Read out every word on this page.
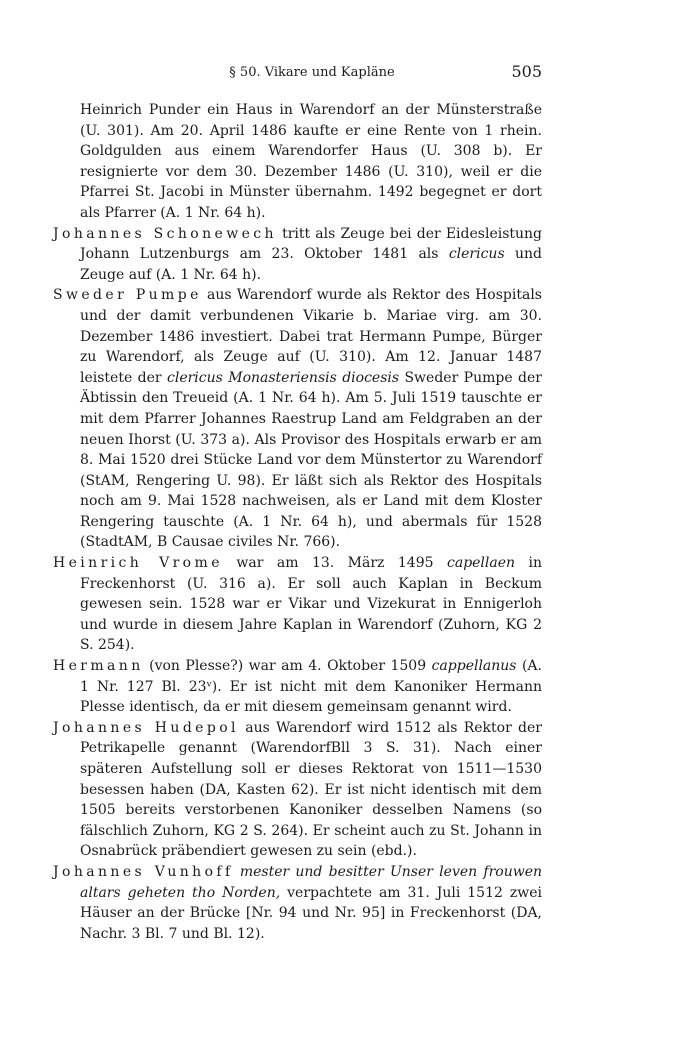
§ 50. Vikare und Kapläne	505

Heinrich Punder ein Haus in Warendorf an der Münsterstraße (U. 301). Am 20. April 1486 kaufte er eine Rente von 1 rhein. Goldgulden aus einem Warendorfer Haus (U. 308 b). Er resignierte vor dem 30. Dezember 1486 (U. 310), weil er die Pfarrei St. Jacobi in Münster übernahm. 1492 begegnet er dort als Pfarrer (A. 1 Nr. 64 h).

Johannes Schonewech tritt als Zeuge bei der Eidesleistung Johann Lutzenburgs am 23. Oktober 1481 als clericus und Zeuge auf (A. 1 Nr. 64 h).

Sweder Pumpe aus Warendorf wurde als Rektor des Hospitals und der damit verbundenen Vikarie b. Mariae virg. am 30. Dezember 1486 investiert. Dabei trat Hermann Pumpe, Bürger zu Warendorf, als Zeuge auf (U. 310). Am 12. Januar 1487 leistete der clericus Monasteriensis diocesis Sweder Pumpe der Äbtissin den Treueid (A. 1 Nr. 64 h). Am 5. Juli 1519 tauschte er mit dem Pfarrer Johannes Raestrup Land am Feldgraben an der neuen Ihorst (U. 373 a). Als Provisor des Hospitals erwarb er am 8. Mai 1520 drei Stücke Land vor dem Münstertor zu Warendorf (StAM, Rengering U. 98). Er läßt sich als Rektor des Hospitals noch am 9. Mai 1528 nachweisen, als er Land mit dem Kloster Rengering tauschte (A. 1 Nr. 64 h), und abermals für 1528 (StadtAM, B Causae civiles Nr. 766).

Heinrich Vrome war am 13. März 1495 capellaen in Freckenhorst (U. 316 a). Er soll auch Kaplan in Beckum gewesen sein. 1528 war er Vikar und Vizekurat in Ennigerloh und wurde in diesem Jahre Kaplan in Warendorf (Zuhorn, KG 2 S. 254).

Hermann (von Plesse?) war am 4. Oktober 1509 cappellanus (A. 1 Nr. 127 Bl. 23ᵛ). Er ist nicht mit dem Kanoniker Hermann Plesse identisch, da er mit diesem gemeinsam genannt wird.

Johannes Hudepol aus Warendorf wird 1512 als Rektor der Petrikapelle genannt (WarendorfBll 3 S. 31). Nach einer späteren Aufstellung soll er dieses Rektorat von 1511—1530 besessen haben (DA, Kasten 62). Er ist nicht identisch mit dem 1505 bereits verstorbenen Kanoniker desselben Namens (so fälschlich Zuhorn, KG 2 S. 264). Er scheint auch zu St. Johann in Osnabrück präbendiert gewesen zu sein (ebd.).

Johannes Vunhoff mester und besitter Unser leven frouwen altars geheten tho Norden, verpachtete am 31. Juli 1512 zwei Häuser an der Brücke [Nr. 94 und Nr. 95] in Freckenhorst (DA, Nachr. 3 Bl. 7 und Bl. 12).
